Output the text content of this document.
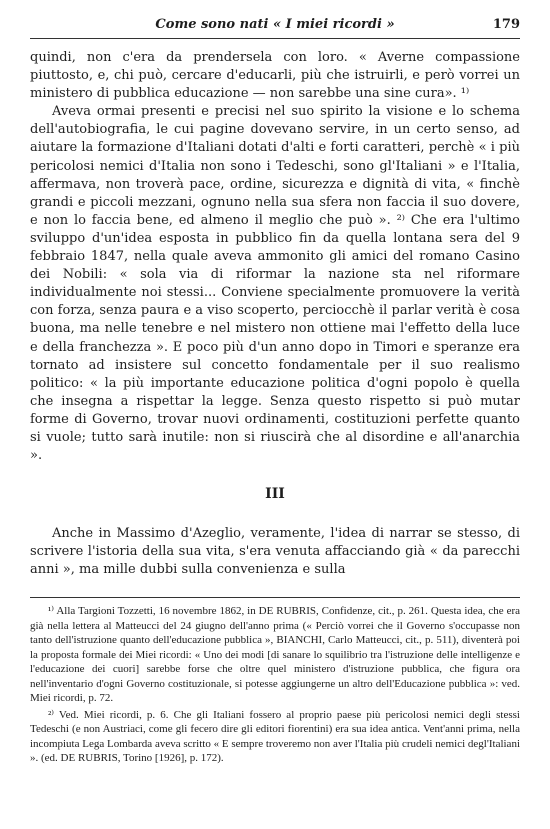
Come sono nati « I miei ricordi »	179

quindi, non c'era da prendersela con loro. « Averne compassione piuttosto, e, chi può, cercare d'educarli, più che istruirli, e però vorrei un ministero di pubblica educazione — non sarebbe una sine cura». ¹⁾

Aveva ormai presenti e precisi nel suo spirito la visione e lo schema dell'autobiografia, le cui pagine dovevano servire, in un certo senso, ad aiutare la formazione d'Italiani dotati d'alti e forti caratteri, perchè « i più pericolosi nemici d'Italia non sono i Tedeschi, sono gl'Italiani » e l'Italia, affermava, non troverà pace, ordine, sicurezza e dignità di vita, « finchè grandi e piccoli mezzani, ognuno nella sua sfera non faccia il suo dovere, e non lo faccia bene, ed almeno il meglio che può ». ²⁾ Che era l'ultimo sviluppo d'un'idea esposta in pubblico fin da quella lontana sera del 9 febbraio 1847, nella quale aveva ammonito gli amici del romano Casino dei Nobili: « sola via di riformar la nazione sta nel riformare individualmente noi stessi... Conviene specialmente promuovere la verità con forza, senza paura e a viso scoperto, perciocchè il parlar verità è cosa buona, ma nelle tenebre e nel mistero non ottiene mai l'effetto della luce e della franchezza ». E poco più d'un anno dopo in Timori e speranze era tornato ad insistere sul concetto fondamentale per il suo realismo politico: « la più importante educazione politica d'ogni popolo è quella che insegna a rispettar la legge. Senza questo rispetto si può mutar forme di Governo, trovar nuovi ordinamenti, costituzioni perfette quanto si vuole; tutto sarà inutile: non si riuscirà che al disordine e all'anarchia ».

III

Anche in Massimo d'Azeglio, veramente, l'idea di narrar se stesso, di scrivere l'istoria della sua vita, s'era venuta affacciando già « da parecchi anni », ma mille dubbi sulla convenienza e sulla

¹⁾ Alla Targioni Tozzetti, 16 novembre 1862, in DE RUBRIS, Confidenze, cit., p. 261. Questa idea, che era già nella lettera al Matteucci del 24 giugno dell'anno prima (« Perciò vorrei che il Governo s'occupasse non tanto dell'istruzione quanto dell'educazione pubblica », BIANCHI, Carlo Matteucci, cit., p. 511), diventerà poi la proposta formale dei Miei ricordi: « Uno dei modi [di sanare lo squilibrio tra l'istruzione delle intelligenze e l'educazione dei cuori] sarebbe forse che oltre quel ministero d'istruzione pubblica, che figura ora nell'inventario d'ogni Governo costituzionale, si potesse aggiungerne un altro dell'Educazione pubblica »: ved. Miei ricordi, p. 72.

²⁾ Ved. Miei ricordi, p. 6. Che gli Italiani fossero al proprio paese più pericolosi nemici degli stessi Tedeschi (e non Austriaci, come gli fecero dire gli editori fiorentini) era sua idea antica. Vent'anni prima, nella incompiuta Lega Lombarda aveva scritto « E sempre troveremo non aver l'Italia più crudeli nemici degl'Italiani ». (ed. DE RUBRIS, Torino [1926], p. 172).
